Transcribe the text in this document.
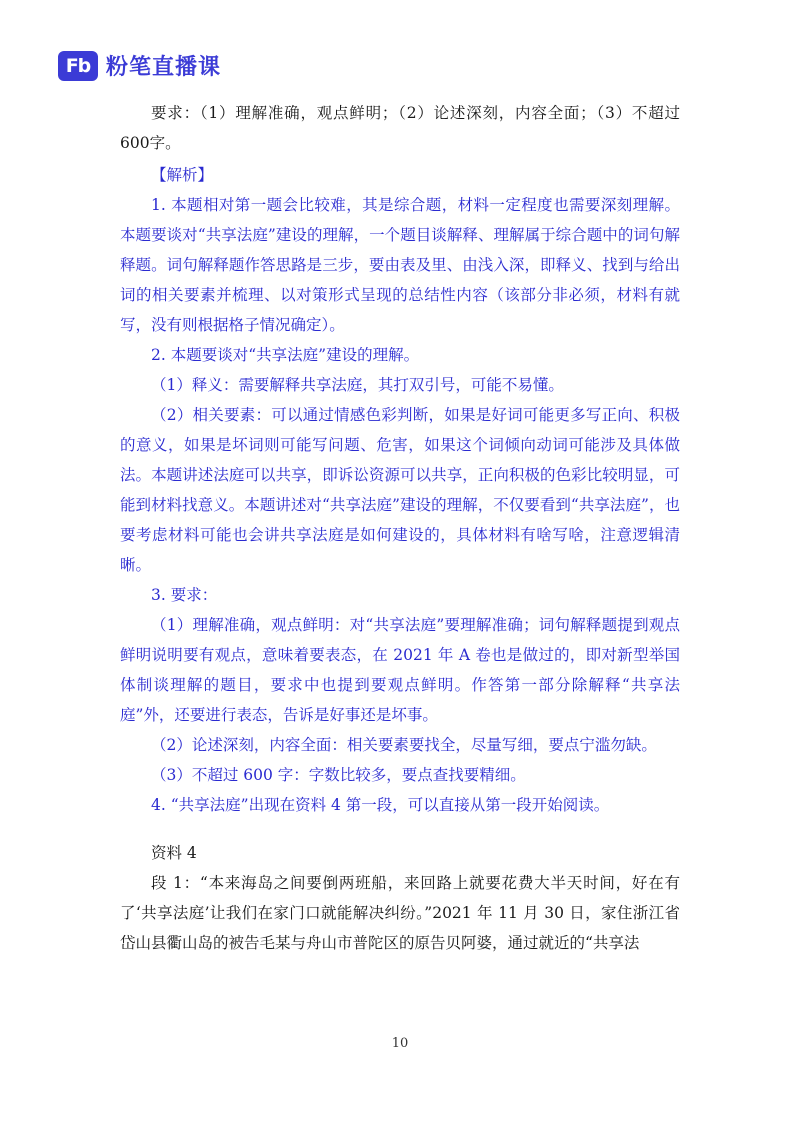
Fb 粉笔直播课

要求：（1）理解准确，观点鲜明；（2）论述深刻，内容全面；（3）不超过600字。

【解析】

1. 本题相对第一题会比较难，其是综合题，材料一定程度也需要深刻理解。本题要谈对“共享法庭”建设的理解，一个题目谈解释、理解属于综合题中的词句解释题。词句解释题作答思路是三步，要由表及里、由浅入深，即释义、找到与给出词的相关要素并梳理、以对策形式呈现的总结性内容（该部分非必须，材料有就写，没有则根据格子情况确定）。

2. 本题要谈对“共享法庭”建设的理解。

（1）释义：需要解释共享法庭，其打双引号，可能不易懂。

（2）相关要素：可以通过情感色彩判断，如果是好词可能更多写正向、积极的意义，如果是坏词则可能写问题、危害，如果这个词倾向动词可能涉及具体做法。本题讲述法庭可以共享，即诉讼资源可以共享，正向积极的色彩比较明显，可能到材料找意义。本题讲述对“共享法庭”建设的理解，不仅要看到“共享法庭”，也要考虑材料可能也会讲共享法庭是如何建设的，具体材料有啥写啥，注意逻辑清晰。

3. 要求：

（1）理解准确，观点鲜明：对“共享法庭”要理解准确；词句解释题提到观点鲜明说明要有观点，意味着要表态，在 2021 年 A 卷也是做过的，即对新型举国体制谈理解的题目，要求中也提到要观点鲜明。作答第一部分除解释“共享法庭”外，还要进行表态，告诉是好事还是坏事。

（2）论述深刻，内容全面：相关要素要找全，尽量写细，要点宁滥勿缺。

（3）不超过 600 字：字数比较多，要点查找要精细。

4. “共享法庭”出现在资料 4 第一段，可以直接从第一段开始阅读。

资料 4

段 1：“本来海岛之间要倒两班船，来回路上就要花费大半天时间，好在有了‘共享法庭’让我们在家门口就能解决纠纷。”2021 年 11 月 30 日，家住浙江省岱山县衢山岛的被告毛某与舟山市普陀区的原告贝阿婆，通过就近的“共享法

10
